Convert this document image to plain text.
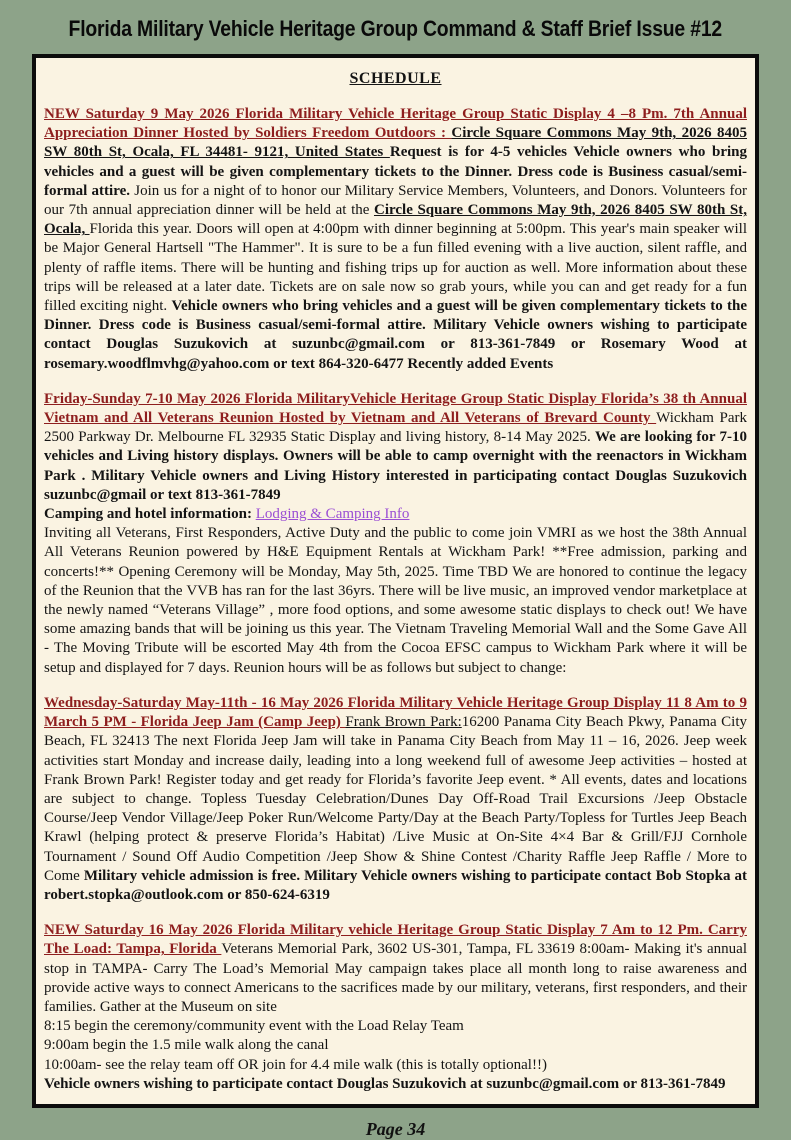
Florida Military Vehicle Heritage Group Command & Staff Brief Issue #12
SCHEDULE

NEW Saturday 9 May 2026 Florida Military Vehicle Heritage Group Static Display 4 –8 Pm. 7th Annual Appreciation Dinner Hosted by Soldiers Freedom Outdoors : Circle Square Commons May 9th, 2026 8405 SW 80th St, Ocala, FL 34481- 9121, United States Request is for 4-5 vehicles Vehicle owners who bring vehicles and a guest will be given complementary tickets to the Dinner. Dress code is Business casual/semi-formal attire. Join us for a night of to honor our Military Service Members, Volunteers, and Donors. Volunteers for our 7th annual appreciation dinner will be held at the Circle Square Commons May 9th, 2026 8405 SW 80th St, Ocala, Florida this year. Doors will open at 4:00pm with dinner beginning at 5:00pm. This year's main speaker will be Major General Hartsell "The Hammer". It is sure to be a fun filled evening with a live auction, silent raffle, and plenty of raffle items. There will be hunting and fishing trips up for auction as well. More information about these trips will be released at a later date. Tickets are on sale now so grab yours, while you can and get ready for a fun filled exciting night. Vehicle owners who bring vehicles and a guest will be given complementary tickets to the Dinner. Dress code is Business casual/semi-formal attire. Military Vehicle owners wishing to participate contact Douglas Suzukovich at suzunbc@gmail.com or 813-361-7849 or Rosemary Wood at rosemary.woodflmvhg@yahoo.com or text 864-320-6477 Recently added Events

Friday-Sunday 7-10 May 2026 Florida MilitaryVehicle Heritage Group Static Display Florida’s 38 th Annual Vietnam and All Veterans Reunion Hosted by Vietnam and All Veterans of Brevard County Wickham Park 2500 Parkway Dr. Melbourne FL 32935 Static Display and living history, 8-14 May 2025. We are looking for 7-10 vehicles and Living history displays. Owners will be able to camp overnight with the reenactors in Wickham Park . Military Vehicle owners and Living History interested in participating contact Douglas Suzukovich suzunbc@gmail or text 813-361-7849
Camping and hotel information: Lodging & Camping Info
Inviting all Veterans, First Responders, Active Duty and the public to come join VMRI as we host the 38th Annual All Veterans Reunion powered by H&E Equipment Rentals at Wickham Park! **Free admission, parking and concerts!** Opening Ceremony will be Monday, May 5th, 2025. Time TBD We are honored to continue the legacy of the Reunion that the VVB has ran for the last 36yrs. There will be live music, an improved vendor marketplace at the newly named “Veterans Village” , more food options, and some awesome static displays to check out! We have some amazing bands that will be joining us this year. The Vietnam Traveling Memorial Wall and the Some Gave All - The Moving Tribute will be escorted May 4th from the Cocoa EFSC campus to Wickham Park where it will be setup and displayed for 7 days. Reunion hours will be as follows but subject to change:

Wednesday-Saturday May-11th - 16 May 2026 Florida Military Vehicle Heritage Group Display 11 8 Am to 9 March 5 PM - Florida Jeep Jam (Camp Jeep) Frank Brown Park:16200 Panama City Beach Pkwy, Panama City Beach, FL 32413 The next Florida Jeep Jam will take in Panama City Beach from May 11 – 16, 2026. Jeep week activities start Monday and increase daily, leading into a long weekend full of awesome Jeep activities – hosted at Frank Brown Park! Register today and get ready for Florida’s favorite Jeep event. * All events, dates and locations are subject to change. Topless Tuesday Celebration/Dunes Day Off-Road Trail Excursions /Jeep Obstacle Course/Jeep Vendor Village/Jeep Poker Run/Welcome Party/Day at the Beach Party/Topless for Turtles Jeep Beach Krawl (helping protect & preserve Florida’s Habitat) /Live Music at On-Site 4×4 Bar & Grill/FJJ Cornhole Tournament / Sound Off Audio Competition /Jeep Show & Shine Contest /Charity Raffle Jeep Raffle / More to Come Military vehicle admission is free. Military Vehicle owners wishing to participate contact Bob Stopka at robert.stopka@outlook.com or 850-624-6319

NEW Saturday 16 May 2026 Florida Military vehicle Heritage Group Static Display 7 Am to 12 Pm. Carry The Load: Tampa, Florida Veterans Memorial Park, 3602 US-301, Tampa, FL 33619 8:00am- Making it's annual stop in TAMPA- Carry The Load’s Memorial May campaign takes place all month long to raise awareness and provide active ways to connect Americans to the sacrifices made by our military, veterans, first responders, and their families. Gather at the Museum on site
8:15 begin the ceremony/community event with the Load Relay Team
9:00am begin the 1.5 mile walk along the canal
10:00am- see the relay team off OR join for 4.4 mile walk (this is totally optional!!)
Vehicle owners wishing to participate contact Douglas Suzukovich at suzunbc@gmail.com or 813-361-7849

Page 34
